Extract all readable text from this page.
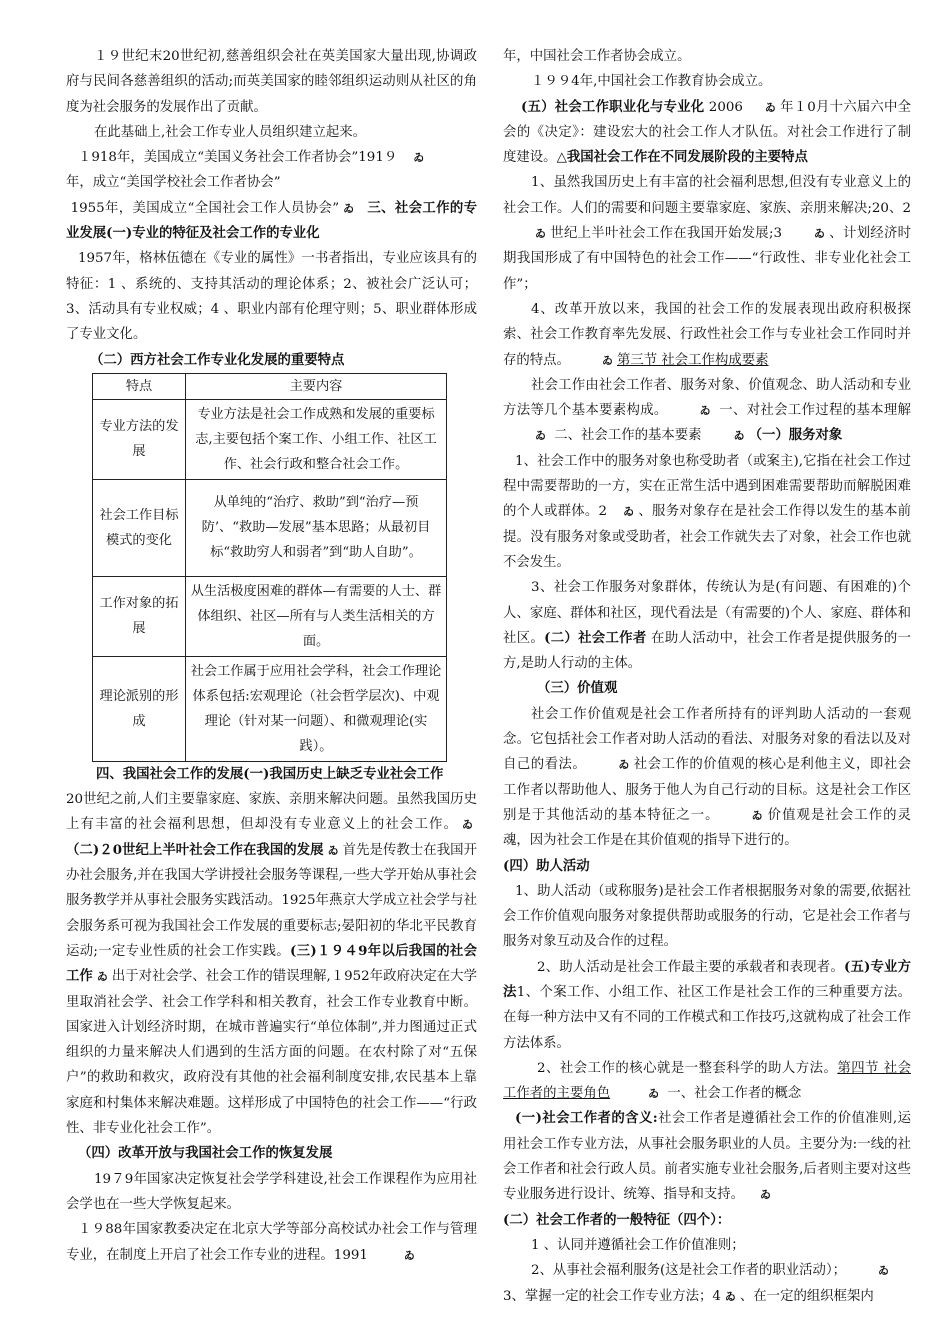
１９世纪末20世纪初,慈善组织会社在英美国家大量出现,协调政府与民间各慈善组织的活动;而英美国家的睦邻组织运动则从社区的角度为社会服务的发展作出了贡献。

在此基础上,社会工作专业人员组织建立起来。

１918年，美国成立“美国义务社会工作者协会”191９ ゐ
年，成立“美国学校社会工作者协会”

1955年，美国成立“全国社会工作人员协会” ゐ 三、社会工作的专业发展(一)专业的特征及社会工作的专业化

1957年，格林伍德在《专业的属性》一书者指出，专业应该具有的特征：1 、系统的、支持其活动的理论体系；2、被社会广泛认可；3、活动具有专业权威；4 、职业内部有伦理守则；5、职业群体形成了专业文化。

（二）西方社会工作专业化发展的重要特点

特点	主要内容
专业方法的发展	专业方法是社会工作成熟和发展的重要标志,主要包括个案工作、小组工作、社区工作、社会行政和整合社会工作。
社会工作目标模式的变化	从单纯的“治疗、救助”到“治疗—预防’、“救助—发展”基本思路；从最初目标“救助穷人和弱者”到“助人自助”。
工作对象的拓展	从生活极度困难的群体—有需要的人士、群体组织、社区—所有与人类生活相关的方面。
理论派别的形成	社会工作属于应用社会学科，社会工作理论体系包括:宏观理论（社会哲学层次)、中观理论（针对某一问题）、和微观理论(实践）。

四、我国社会工作的发展(一)我国历史上缺乏专业社会工作

20世纪之前,人们主要靠家庭、家族、亲朋来解决问题。虽然我国历史上有丰富的社会福利思想，但却没有专业意义上的社会工作。 ゐ （二)２0世纪上半叶社会工作在我国的发展 ゐ 首先是传教士在我国开办社会服务,并在我国大学讲授社会服务等课程,一些大学开始从事社会服务教学并从事社会服务实践活动。1925年燕京大学成立社会学与社会服务系可视为我国社会工作发展的重要标志;晏阳初的华北平民教育运动;一定专业性质的社会工作实践。(三)１９４9年以后我国的社会工作 ゐ 出于对社会学、社会工作的错误理解,１952年政府决定在大学里取消社会学、社会工作学科和相关教育，社会工作专业教育中断。国家进入计划经济时期，在城市普遍实行“单位体制”,并力图通过正式组织的力量来解决人们遇到的生活方面的问题。在农村除了对“五保户”的救助和救灾，政府没有其他的社会福利制度安排,农民基本上靠家庭和村集体来解决难题。这样形成了中国特色的社会工作——“行政性、非专业化社会工作”。

（四）改革开放与我国社会工作的恢复发展

19７9年国家决定恢复社会学学科建设,社会工作课程作为应用社会学也在一些大学恢复起来。

１９88年国家教委决定在北京大学等部分高校试办社会工作与管理专业，在制度上开启了社会工作专业的进程。1991	ゐ

年，中国社会工作者协会成立。

１９９4年,中国社会工作教育协会成立。

(五）社会工作职业化与专业化 2006 ゐ 年１0月十六届六中全会的《决定》：建设宏大的社会工作人才队伍。对社会工作进行了制度建设。△我国社会工作在不同发展阶段的主要特点

1、虽然我国历史上有丰富的社会福利思想,但没有专业意义上的社会工作。人们的需要和问题主要靠家庭、家族、亲朋来解决;20、2ゐ 世纪上半叶社会工作在我国开始发展;3	ゐ 、计划经济时期我国形成了有中国特色的社会工作——“行政性、非专业化社会工作”；

4、改革开放以来，我国的社会工作的发展表现出政府积极探索、社会工作教育率先发展、行政性社会工作与专业社会工作同时并存的特点。	ゐ 第三节 社会工作构成要素

社会工作由社会工作者、服务对象、价值观念、助人活动和专业方法等几个基本要素构成。	ゐ 一、对社会工作过程的基本理解ゐ 二、社会工作的基本要素	ゐ （一）服务对象

1、社会工作中的服务对象也称受助者（或案主),它指在社会工作过程中需要帮助的一方，实在正常生活中遇到困难需要帮助而解脱困难的个人或群体。2 ゐ 、服务对象存在是社会工作得以发生的基本前提。没有服务对象或受助者，社会工作就失去了对象，社会工作也就不会发生。

3、社会工作服务对象群体，传统认为是(有问题、有困难的)个人、家庭、群体和社区，现代看法是（有需要的)个人、家庭、群体和社区。(二）社会工作者 在助人活动中，社会工作者是提供服务的一方,是助人行动的主体。

（三）价值观

社会工作价值观是社会工作者所持有的评判助人活动的一套观念。它包括社会工作者对助人活动的看法、对服务对象的看法以及对自己的看法。	ゐ 社会工作的价值观的核心是利他主义，即社会工作者以帮助他人、服务于他人为自己行动的目标。这是社会工作区别是于其他活动的基本特征之一。	ゐ 价值观是社会工作的灵魂，因为社会工作是在其价值观的指导下进行的。

(四）助人活动

1、助人活动（或称服务)是社会工作者根据服务对象的需要,依据社会工作价值观向服务对象提供帮助或服务的行动，它是社会工作者与服务对象互动及合作的过程。

2、助人活动是社会工作最主要的承载者和表现者。(五)专业方法1、个案工作、小组工作、社区工作是社会工作的三种重要方法。在每一种方法中又有不同的工作模式和工作技巧,这就构成了社会工作方法体系。

2、社会工作的核心就是一整套科学的助人方法。第四节 社会工作者的主要角色	ゐ 一、社会工作者的概念

(一)社会工作者的含义:社会工作者是遵循社会工作的价值准则,运用社会工作专业方法，从事社会服务职业的人员。主要分为:一线的社会工作者和社会行政人员。前者实施专业社会服务,后者则主要对这些专业服务进行设计、统筹、指导和支持。 ゐ

(二）社会工作者的一般特征（四个）：

1 、认同并遵循社会工作价值准则；

2、从事社会福利服务(这是社会工作者的职业活动）；	ゐ

3、掌握一定的社会工作专业方法；4 ゐ 、在一定的组织框架内
